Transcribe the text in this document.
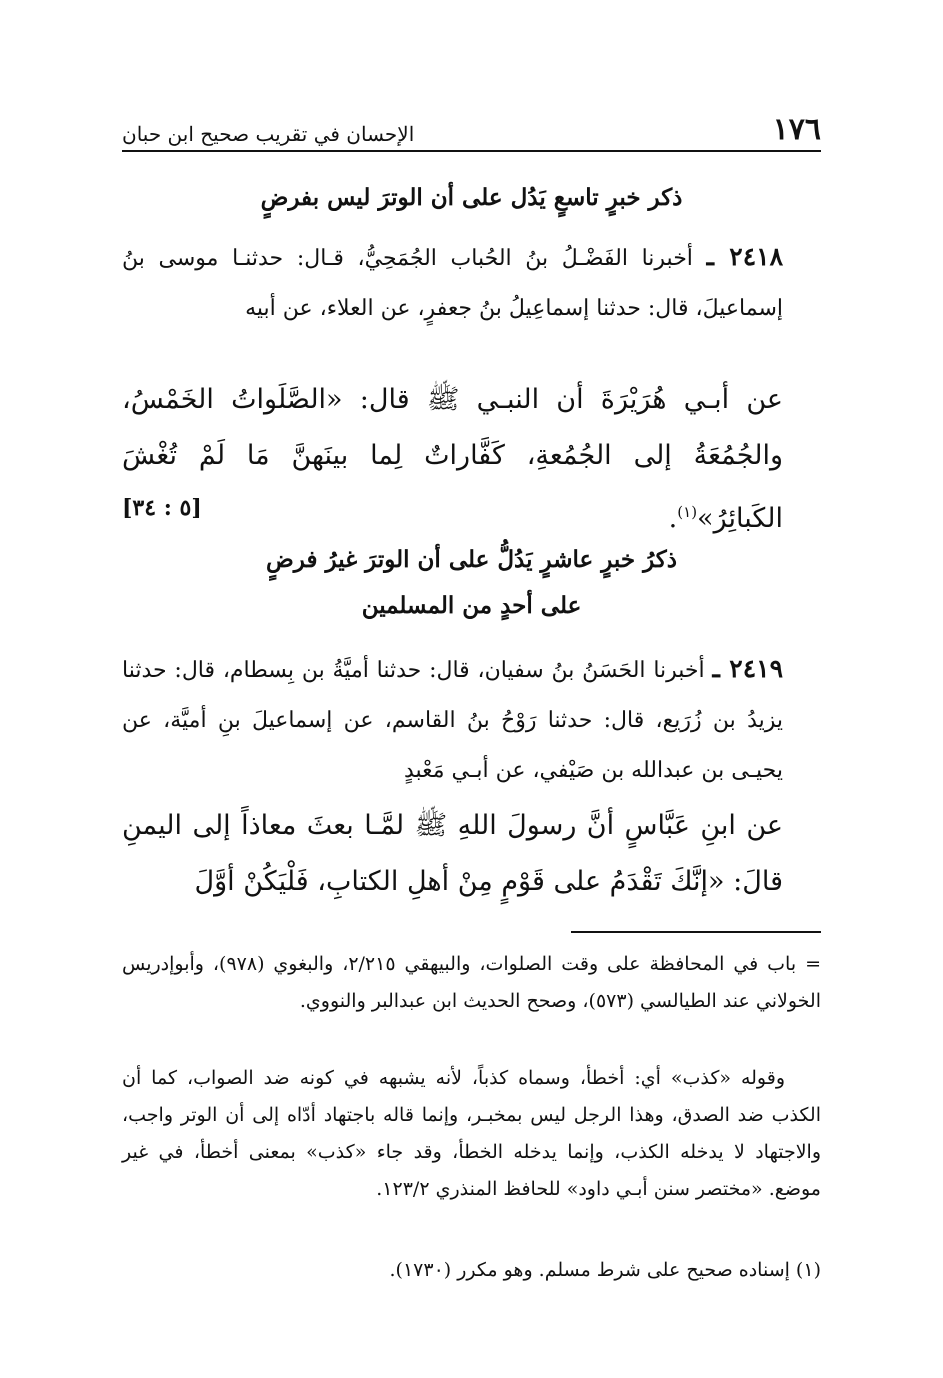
١٧٦
الإحسان في تقريب صحيح ابن حبان
ذكر خبرٍ تاسعٍ يَدُل على أن الوترَ ليس بفرضٍ
٢٤١٨ ـ أخبرنا الفَضْـلُ بنُ الحُباب الجُمَحِيُّ، قـال: حدثنـا موسى بنُ إسماعيلَ، قال: حدثنا إسماعِيلُ بنُ جعفرٍ، عن العلاء، عن أبيه
عن أبـي هُرَيْرَةَ أن النبـي ﷺ قال: «الصَّلَواتُ الخَمْسُ، والجُمُعَةُ إلى الجُمُعةِ، كَفَّاراتٌ لِما بينَهنَّ مَا لَمْ تُغْشَ الكَبائِرُ»$^{(١)}$.
[٥ : ٣٤]
ذكرُ خبرٍ عاشرٍ يَدُلُّ على أن الوترَ غيرُ فرضٍ
على أحدٍ من المسلمين
٢٤١٩ ـ أخبرنا الحَسَنُ بنُ سفيان، قال: حدثنا أميَّةُ بن بِسطام، قال: حدثنا يزيدُ بن زُرَيع، قال: حدثنا رَوْحُ بنُ القاسم، عن إسماعيلَ بنِ أميَّة، عن يحيـى بن عبدالله بن صَيْفي، عن أبـي مَعْبدٍ
عن ابنِ عَبَّاسٍ أنَّ رسولَ اللهِ ﷺ لمَّـا بعثَ معاذاً إلى اليمنِ قالَ: «إنَّكَ تَقْدَمُ على قَوْمٍ مِنْ أهلِ الكتابِ، فَلْيَكُنْ أوَّلَ
= باب في المحافظة على وقت الصلوات، والبيهقي ٢/٢١٥، والبغوي (٩٧٨)، وأبوإدريس الخولاني عند الطيالسي (٥٧٣)، وصحح الحديث ابن عبدالبر والنووي.
وقوله «كذب» أي: أخطأ، وسماه كذباً، لأنه يشبهه في كونه ضد الصواب، كما أن الكذب ضد الصدق، وهذا الرجل ليس بمخبـر، وإنما قاله باجتهاد أدّاه إلى أن الوتر واجب، والاجتهاد لا يدخله الكذب، وإنما يدخله الخطأ، وقد جاء «كذب» بمعنى أخطأ، في غير موضع. «مختصر سنن أبـي داود» للحافظ المنذري ١٢٣/٢.
(١) إسناده صحيح على شرط مسلم. وهو مكرر (١٧٣٠).
